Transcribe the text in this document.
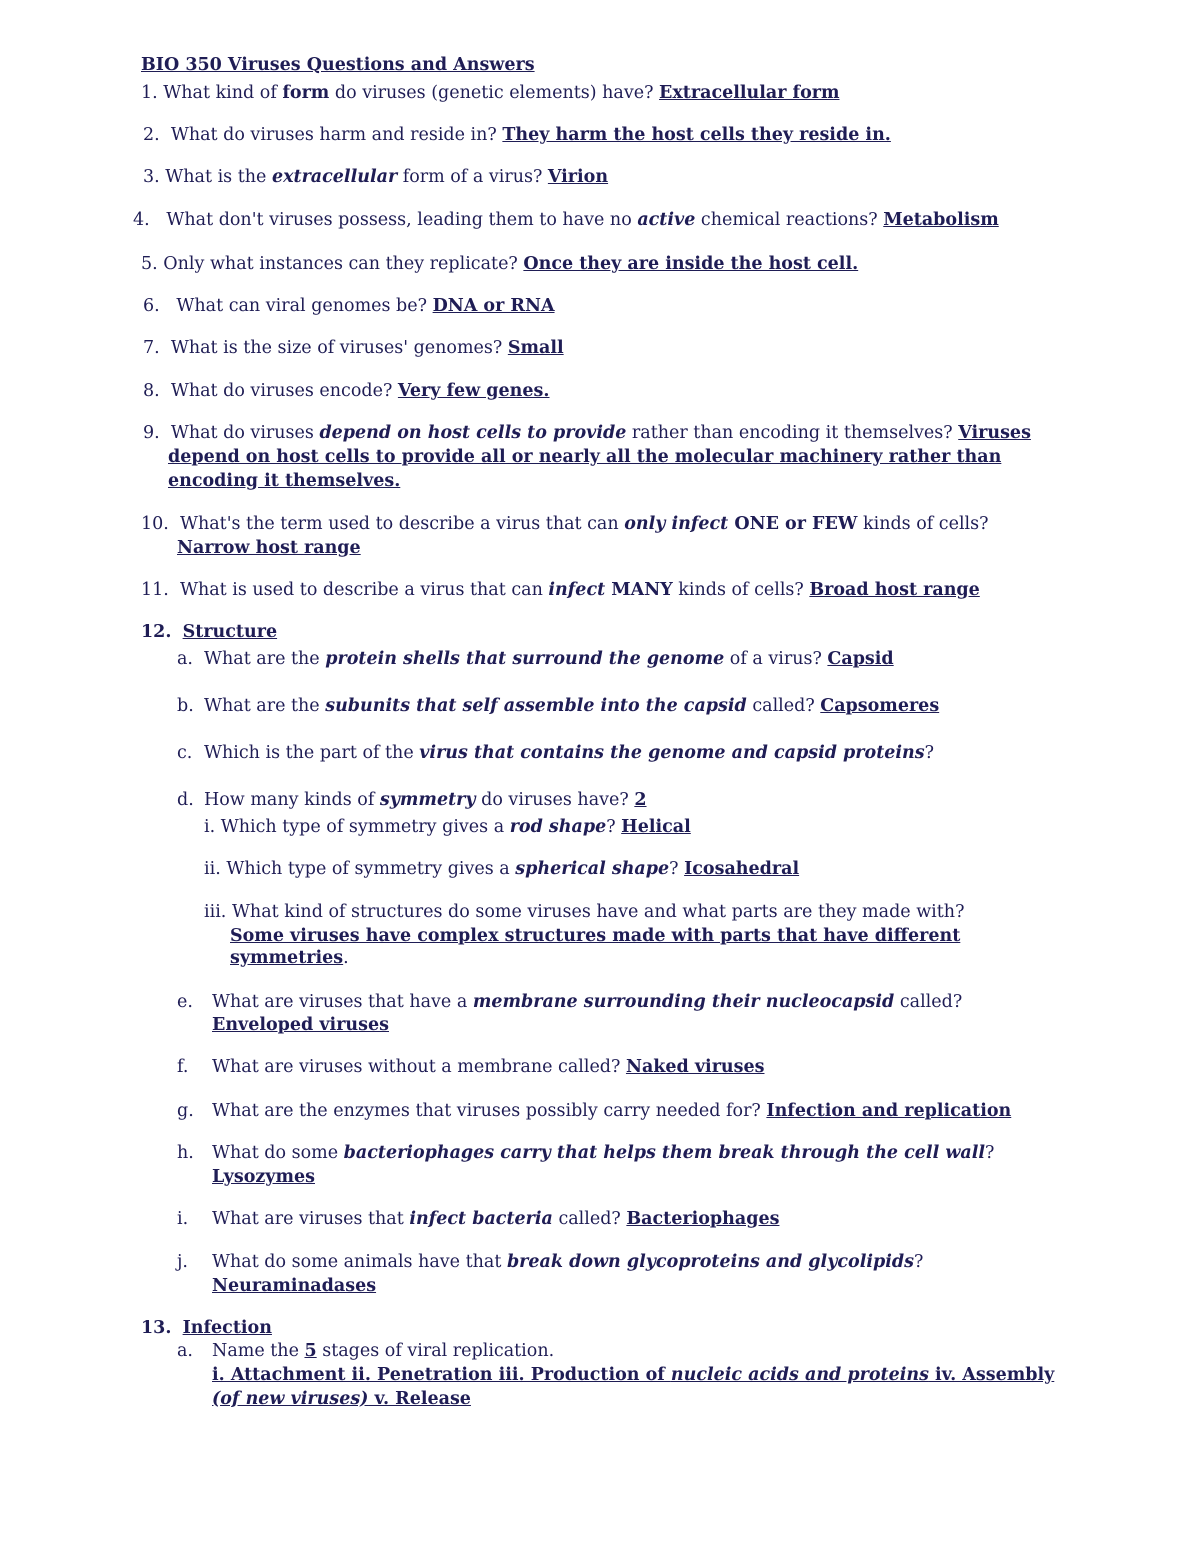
BIO 350 Viruses Questions and Answers
1. What kind of form do viruses (genetic elements) have? Extracellular form
2. What do viruses harm and reside in? They harm the host cells they reside in.
3. What is the extracellular form of a virus? Virion
4. What don't viruses possess, leading them to have no active chemical reactions? Metabolism
5. Only what instances can they replicate? Once they are inside the host cell.
6. What can viral genomes be? DNA or RNA
7. What is the size of viruses' genomes? Small
8. What do viruses encode? Very few genes.
9. What do viruses depend on host cells to provide rather than encoding it themselves? Viruses
depend on host cells to provide all or nearly all the molecular machinery rather than
encoding it themselves.
10. What's the term used to describe a virus that can only infect ONE or FEW kinds of cells?
Narrow host range
11. What is used to describe a virus that can infect MANY kinds of cells? Broad host range
12. Structure
a. What are the protein shells that surround the genome of a virus? Capsid
b. What are the subunits that self assemble into the capsid called? Capsomeres
c. Which is the part of the virus that contains the genome and capsid proteins?
d. How many kinds of symmetry do viruses have? 2
i. Which type of symmetry gives a rod shape? Helical
ii. Which type of symmetry gives a spherical shape? Icosahedral
iii. What kind of structures do some viruses have and what parts are they made with?
Some viruses have complex structures made with parts that have different
symmetries.
e. What are viruses that have a membrane surrounding their nucleocapsid called?
Enveloped viruses
f. What are viruses without a membrane called? Naked viruses
g. What are the enzymes that viruses possibly carry needed for? Infection and replication
h. What do some bacteriophages carry that helps them break through the cell wall?
Lysozymes
i. What are viruses that infect bacteria called? Bacteriophages
j. What do some animals have that break down glycoproteins and glycolipids?
Neuraminadases
13. Infection
a. Name the 5 stages of viral replication.
i. Attachment ii. Penetration iii. Production of nucleic acids and proteins iv. Assembly
(of new viruses) v. Release
